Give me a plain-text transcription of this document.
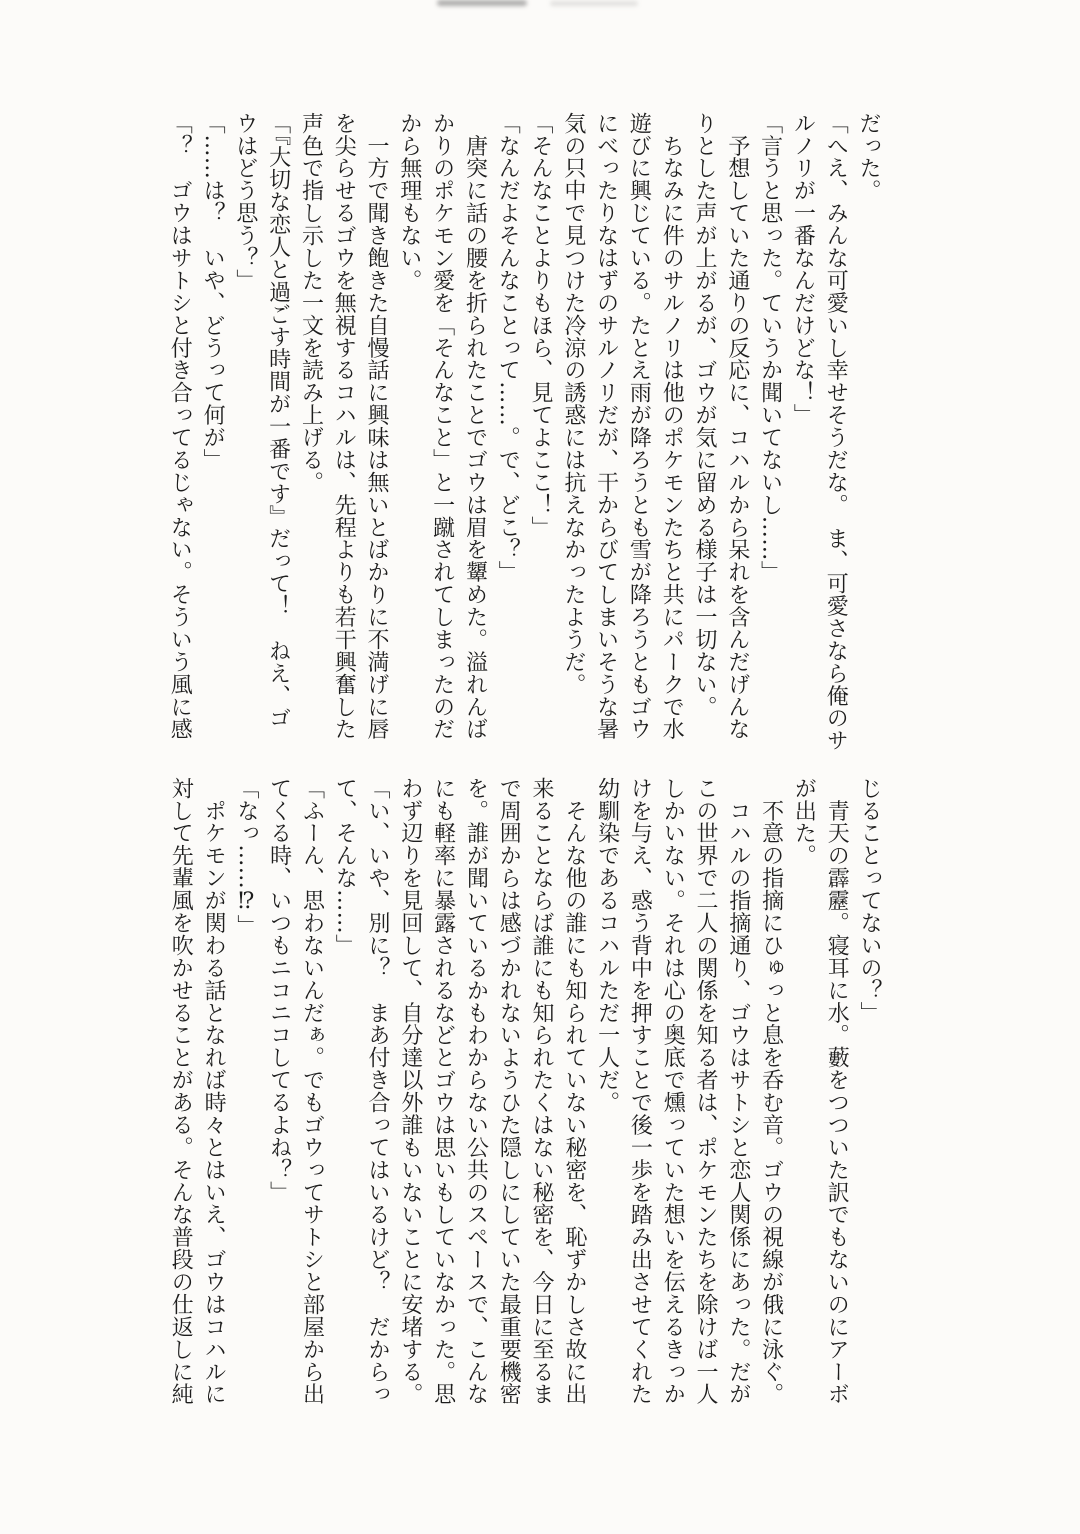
だった。

「へえ、みんな可愛いし幸せそうだな。　ま、可愛さなら俺のサ

ルノリが一番なんだけどな！」

「言うと思った。ていうか聞いてないし……」

　予想していた通りの反応に、コハルから呆れを含んだげんな

りとした声が上がるが、ゴウが気に留める様子は一切ない。

　ちなみに件のサルノリは他のポケモンたちと共にパークで水

遊びに興じている。たとえ雨が降ろうとも雪が降ろうともゴウ

にべったりなはずのサルノリだが、干からびてしまいそうな暑

気の只中で見つけた冷涼の誘惑には抗えなかったようだ。

「そんなことよりもほら、見てよここ！」

「なんだよそんなことって……。で、どこ？」

　唐突に話の腰を折られたことでゴウは眉を顰めた。溢れんば

かりのポケモン愛を「そんなこと」と一蹴されてしまったのだ

から無理もない。

　一方で聞き飽きた自慢話に興味は無いとばかりに不満げに唇

を尖らせるゴウを無視するコハルは、先程よりも若干興奮した

声色で指し示した一文を読み上げる。

「『大切な恋人と過ごす時間が一番です』だって！　ねえ、ゴ

ウはどう思う？」

「……は？　いや、どうって何が」

「？　ゴウはサトシと付き合ってるじゃない。そういう風に感

じることってないの？」

　青天の霹靂。寝耳に水。藪をつついた訳でもないのにアーボ

が出た。

　不意の指摘にひゅっと息を呑む音。ゴウの視線が俄に泳ぐ。

　コハルの指摘通り、ゴウはサトシと恋人関係にあった。だが

この世界で二人の関係を知る者は、ポケモンたちを除けば一人

しかいない。それは心の奥底で燻っていた想いを伝えるきっか

けを与え、惑う背中を押すことで後一歩を踏み出させてくれた

幼馴染であるコハルただ一人だ。

　そんな他の誰にも知られていない秘密を、恥ずかしさ故に出

来ることならば誰にも知られたくはない秘密を、今日に至るま

で周囲からは感づかれないようひた隠しにしていた最重要機密

を。誰が聞いているかもわからない公共のスペースで、こんな

にも軽率に暴露されるなどとゴウは思いもしていなかった。思

わず辺りを見回して、自分達以外誰もいないことに安堵する。

「い、いや、別に？　まあ付き合ってはいるけど？　だからっ

て、そんな……」

「ふーん、思わないんだぁ。でもゴウってサトシと部屋から出

てくる時、いつもニコニコしてるよね？」

「なっ……⁉」

　ポケモンが関わる話となれば時々とはいえ、ゴウはコハルに

対して先輩風を吹かせることがある。そんな普段の仕返しに純
